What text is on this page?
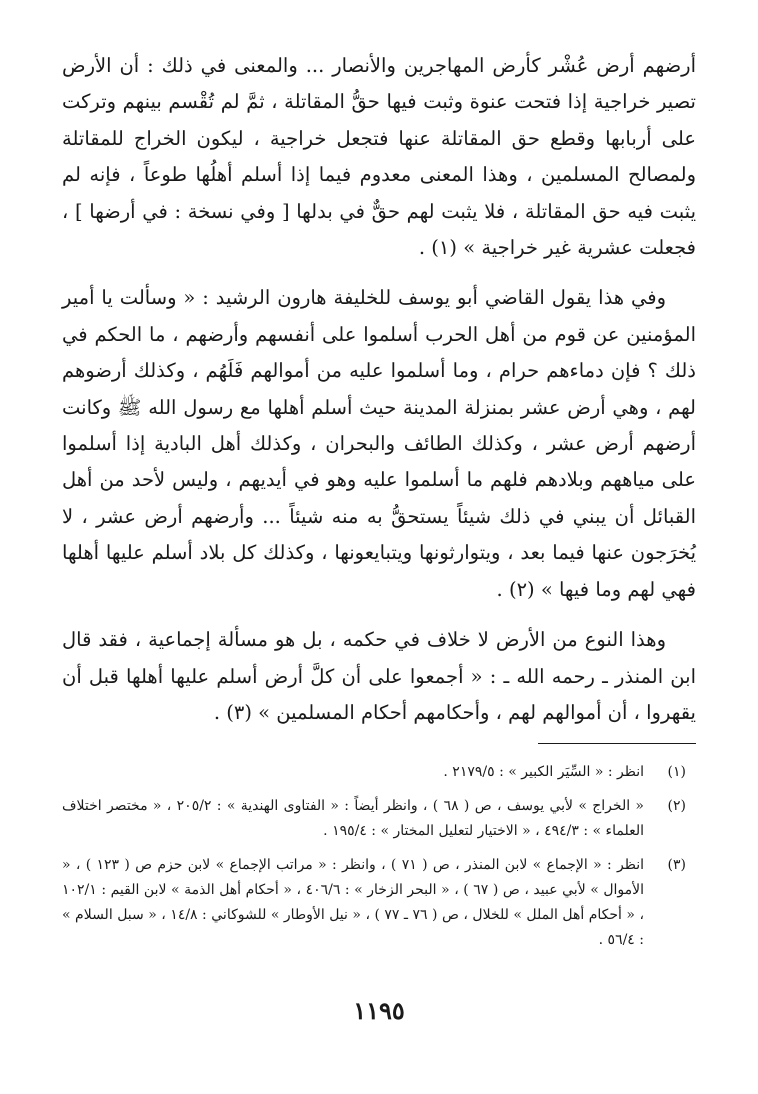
أرضهم أرض عُشْر كأرض المهاجرين والأنصار ... والمعنى في ذلك : أن الأرض تصير خراجية إذا فتحت عنوة وثبت فيها حقُّ المقاتلة ، ثمَّ لم تُقْسم بينهم وتركت على أربابها وقطع حق المقاتلة عنها فتجعل خراجية ، ليكون الخراج للمقاتلة ولمصالح المسلمين ، وهذا المعنى معدوم فيما إذا أسلم أهلُها طوعاً ، فإنه لم يثبت فيه حق المقاتلة ، فلا يثبت لهم حقٌّ في بدلها [ وفي نسخة : في أرضها ] ، فجعلت عشرية غير خراجية » (١) .

وفي هذا يقول القاضي أبو يوسف للخليفة هارون الرشيد : « وسألت يا أمير المؤمنين عن قوم من أهل الحرب أسلموا على أنفسهم وأرضهم ، ما الحكم في ذلك ؟ فإن دماءهم حرام ، وما أسلموا عليه من أموالهم فَلَهُم ، وكذلك أرضوهم لهم ، وهي أرض عشر بمنزلة المدينة حيث أسلم أهلها مع رسول الله ﷺ وكانت أرضهم أرض عشر ، وكذلك الطائف والبحران ، وكذلك أهل البادية إذا أسلموا على مياههم وبلادهم فلهم ما أسلموا عليه وهو في أيديهم ، وليس لأحد من أهل القبائل أن يبني في ذلك شيئاً يستحقُّ به منه شيئاً ... وأرضهم أرض عشر ، لا يُخرَجون عنها فيما بعد ، ويتوارثونها ويتبايعونها ، وكذلك كل بلاد أسلم عليها أهلها فهي لهم وما فيها » (٢) .

وهذا النوع من الأرض لا خلاف في حكمه ، بل هو مسألة إجماعية ، فقد قال ابن المنذر ـ رحمه الله ـ : « أجمعوا على أن كلَّ أرض أسلم عليها أهلها قبل أن يقهروا ، أن أموالهم لهم ، وأحكامهم أحكام المسلمين » (٣) .

(١)
انظر : « السِّيَر الكبير » : ٢١٧٩/٥ .
(٢)
« الخراج » لأبي يوسف ، ص ( ٦٨ ) ، وانظر أيضاً : « الفتاوى الهندية » : ٢٠٥/٢ ، « مختصر اختلاف العلماء » : ٤٩٤/٣ ، « الاختيار لتعليل المختار » : ١٩٥/٤ .
(٣)
انظر : « الإجماع » لابن المنذر ، ص ( ٧١ ) ، وانظر : « مراتب الإجماع » لابن حزم ص ( ١٢٣ ) ، « الأموال » لأبي عبيد ، ص ( ٦٧ ) ، « البحر الزخار » : ٤٠٦/٦ ، « أحكام أهل الذمة » لابن القيم : ١٠٢/١ ، « أحكام أهل الملل » للخلال ، ص ( ٧٦ ـ ٧٧ ) ، « نيل الأوطار » للشوكاني : ١٤/٨ ، « سبل السلام » : ٥٦/٤ .
١١٩٥
